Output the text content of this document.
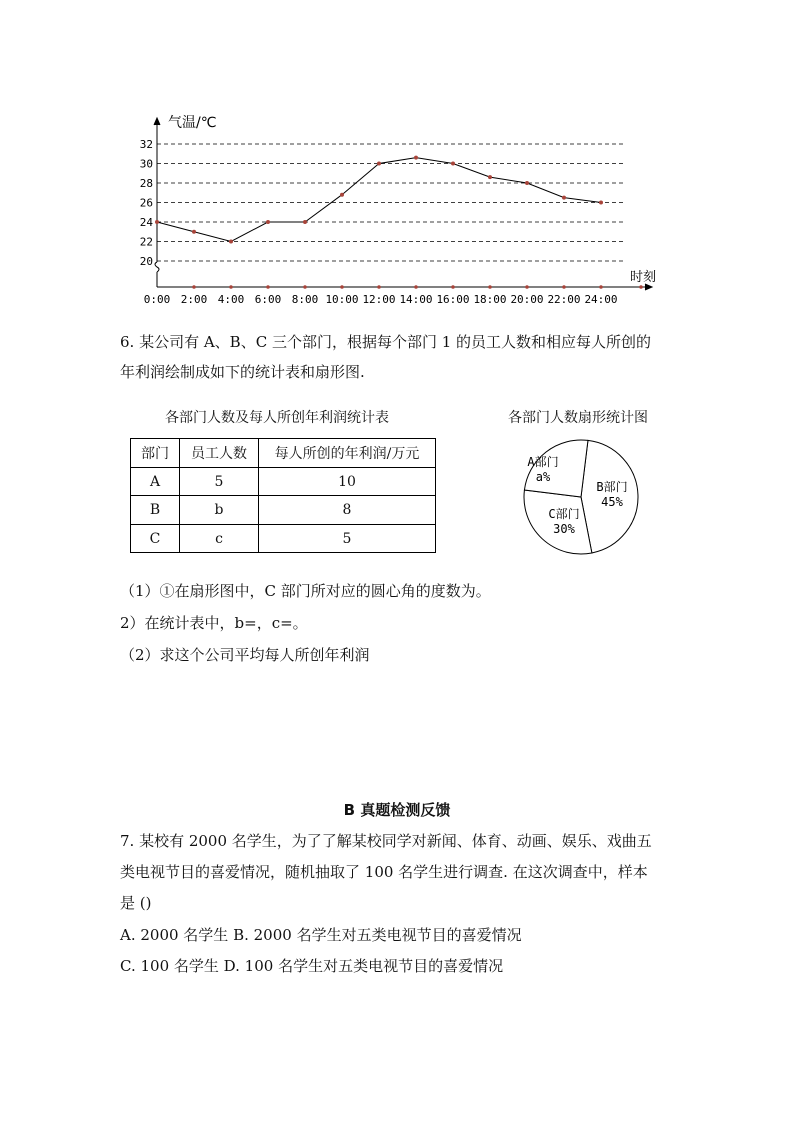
32
30
28
26
24
22
20
0:00 2:00 4:00 6:00 8:00 10:00 12:00 14:00 16:00 18:00 20:00 22:00 24:00
气温/℃
时刻
6. 某公司有 A、B、C 三个部门，根据每个部门 1 的员工人数和相应每人所创的
年利润绘制成如下的统计表和扇形图.
各部门人数及每人所创年利润统计表
部门	员工人数	每人所创的年利润/万元
A	5	10
B	b	8
C	c	5
各部门人数扇形统计图
A部门
a%
B部门
45%
C部门
30%
（1）①在扇形图中，C 部门所对应的圆心角的度数为。
2）在统计表中，b=，c=。
（2）求这个公司平均每人所创年利润
B 真题检测反馈
7. 某校有 2000 名学生，为了了解某校同学对新闻、体育、动画、娱乐、戏曲五
类电视节目的喜爱情况，随机抽取了 100 名学生进行调查. 在这次调查中，样本
是 ()
A. 2000 名学生 B. 2000 名学生对五类电视节目的喜爱情况
C. 100 名学生 D. 100 名学生对五类电视节目的喜爱情况
